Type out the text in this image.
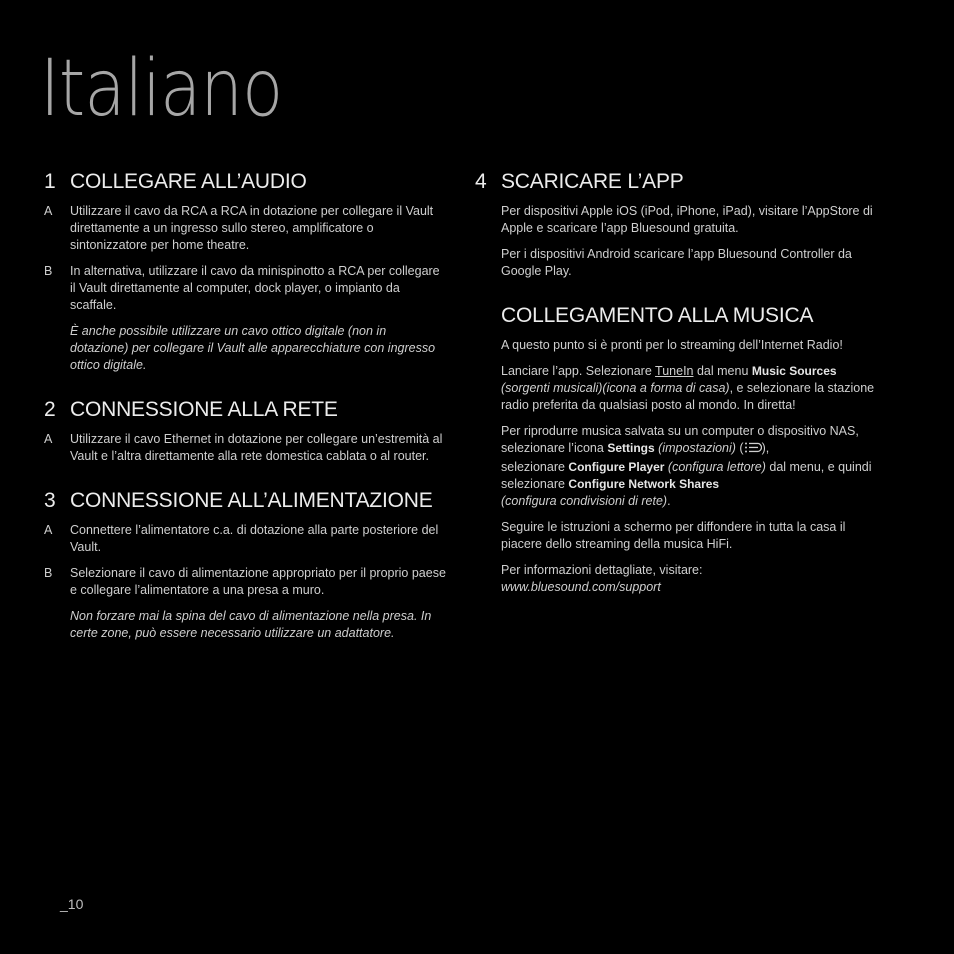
Italiano
1 COLLEGARE ALL’AUDIO
A	Utilizzare il cavo da RCA a RCA in dotazione per collegare il Vault direttamente a un ingresso sullo stereo, amplificatore o sintonizzatore per home theatre.

B	In alternativa, utilizzare il cavo da minispinotto a RCA per collegare il Vault direttamente al computer, dock player, o impianto da scaffale.

È anche possibile utilizzare un cavo ottico digitale (non in dotazione) per collegare il Vault alle apparecchiature con ingresso ottico digitale.

2 CONNESSIONE ALLA RETE
A	Utilizzare il cavo Ethernet in dotazione per collegare un’estremità al Vault e l’altra direttamente alla rete domestica cablata o al router.

3 CONNESSIONE ALL’ALIMENTAZIONE
A	Connettere l’alimentatore c.a. di dotazione alla parte posteriore del Vault.

B	Selezionare il cavo di alimentazione appropriato per il proprio paese e collegare l’alimentatore a una presa a muro.

Non forzare mai la spina del cavo di alimentazione nella presa. In certe zone, può essere necessario utilizzare un adattatore.

4 SCARICARE L’APP

Per dispositivi Apple iOS (iPod, iPhone, iPad), visitare l’AppStore di Apple e scaricare l’app Bluesound gratuita.

Per i dispositivi Android scaricare l’app Bluesound Controller da Google Play.

COLLEGAMENTO ALLA MUSICA

A questo punto si è pronti per lo streaming dell’Internet Radio!

Lanciare l’app. Selezionare TuneIn dal menu Music Sources
(sorgenti musicali)(icona a forma di casa), e selezionare la stazione radio preferita da qualsiasi posto al mondo. In diretta!

Per riprodurre musica salvata su un computer o dispositivo NAS, selezionare l’icona Settings (impostazioni) ( ),
selezionare Configure Player (configura lettore) dal menu, e quindi selezionare Configure Network Shares
(configura condivisioni di rete).

Seguire le istruzioni a schermo per diffondere in tutta la casa il piacere dello streaming della musica HiFi.

Per informazioni dettagliate, visitare:
www.bluesound.com/support

_10
